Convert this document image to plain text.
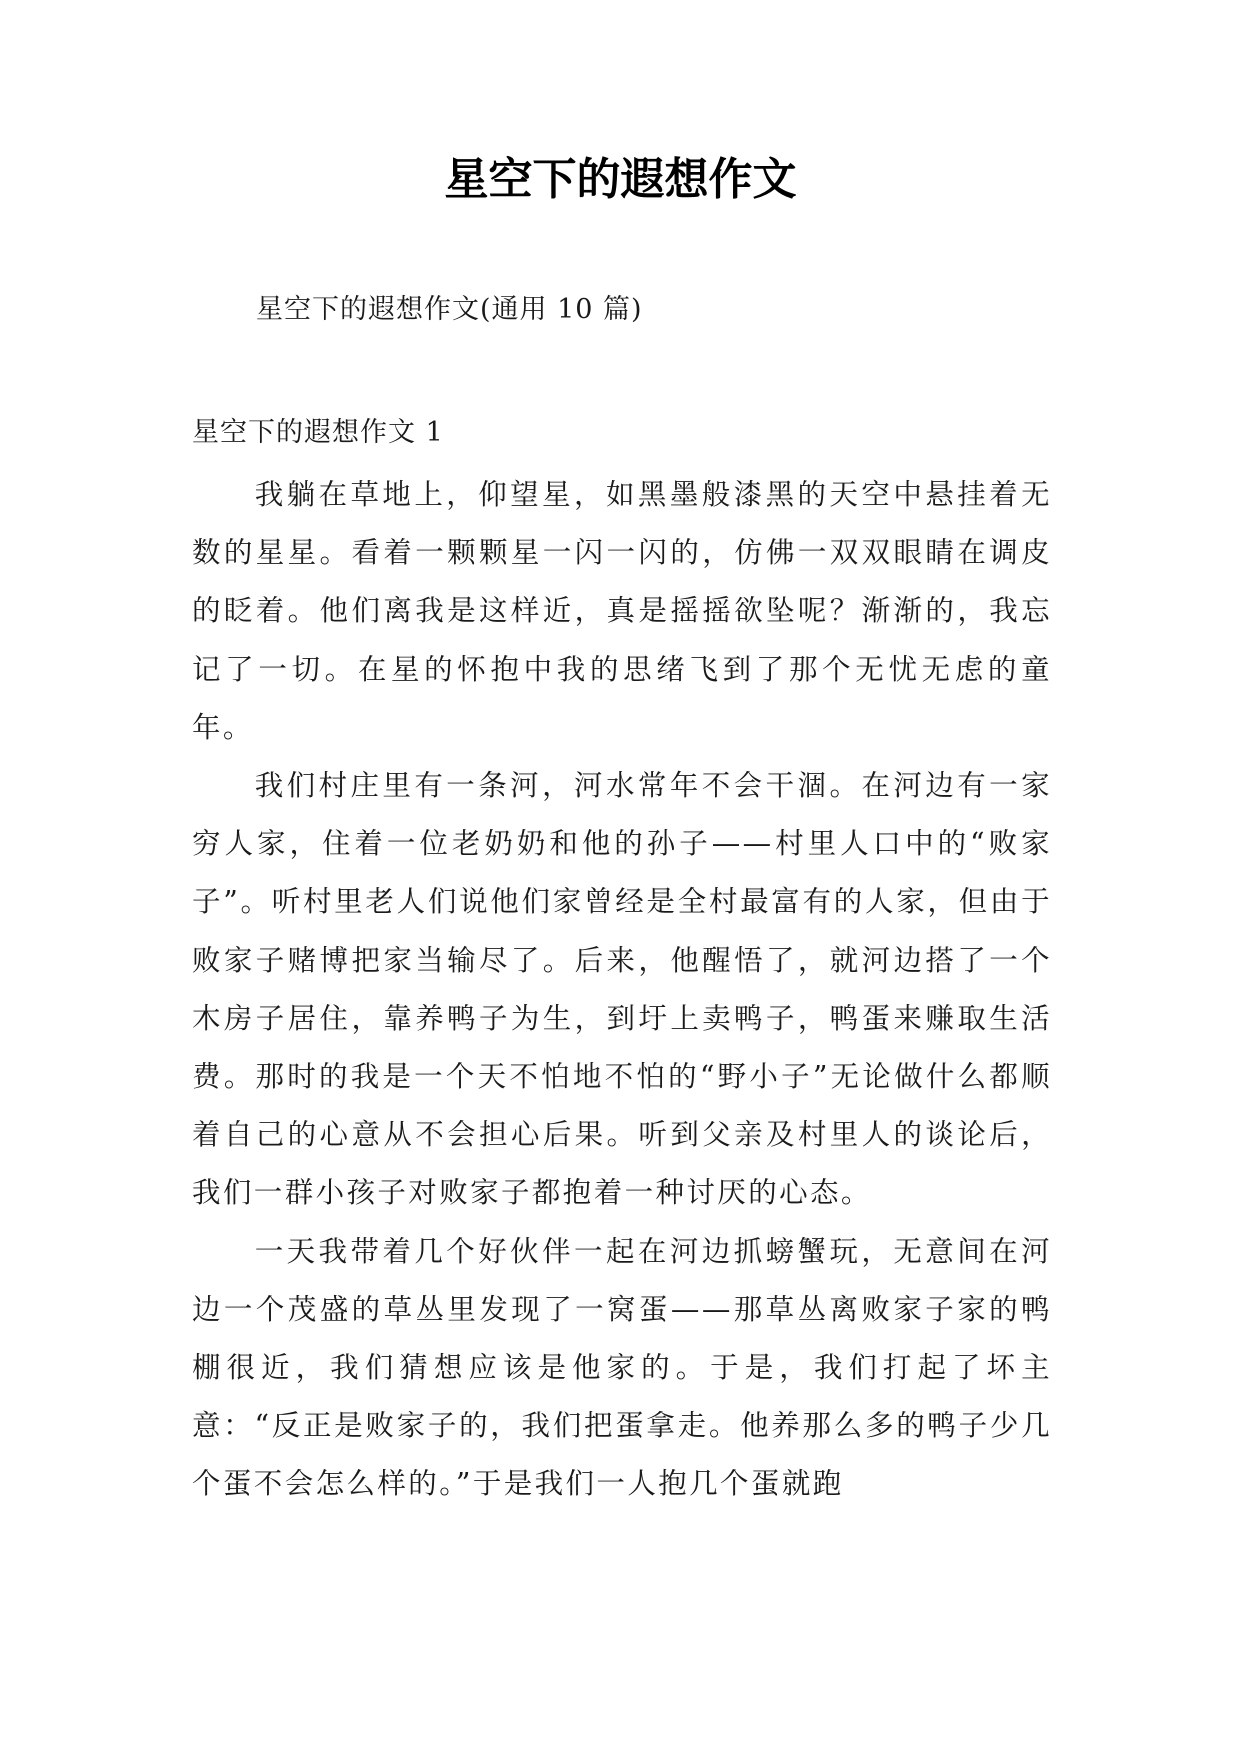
星空下的遐想作文
星空下的遐想作文(通用 10 篇)
星空下的遐想作文 1

我躺在草地上，仰望星，如黑墨般漆黑的天空中悬挂着无数的星星。看着一颗颗星一闪一闪的，仿佛一双双眼睛在调皮的眨着。他们离我是这样近，真是摇摇欲坠呢？渐渐的，我忘记了一切。在星的怀抱中我的思绪飞到了那个无忧无虑的童年。

我们村庄里有一条河，河水常年不会干涸。在河边有一家穷人家，住着一位老奶奶和他的孙子——村里人口中的“败家子”。听村里老人们说他们家曾经是全村最富有的人家，但由于败家子赌博把家当输尽了。后来，他醒悟了，就河边搭了一个木房子居住，靠养鸭子为生，到圩上卖鸭子，鸭蛋来赚取生活费。那时的我是一个天不怕地不怕的“野小子”无论做什么都顺着自己的心意从不会担心后果。听到父亲及村里人的谈论后，我们一群小孩子对败家子都抱着一种讨厌的心态。

一天我带着几个好伙伴一起在河边抓螃蟹玩，无意间在河边一个茂盛的草丛里发现了一窝蛋——那草丛离败家子家的鸭棚很近，我们猜想应该是他家的。于是，我们打起了坏主意：“反正是败家子的，我们把蛋拿走。他养那么多的鸭子少几个蛋不会怎么样的。”于是我们一人抱几个蛋就跑
